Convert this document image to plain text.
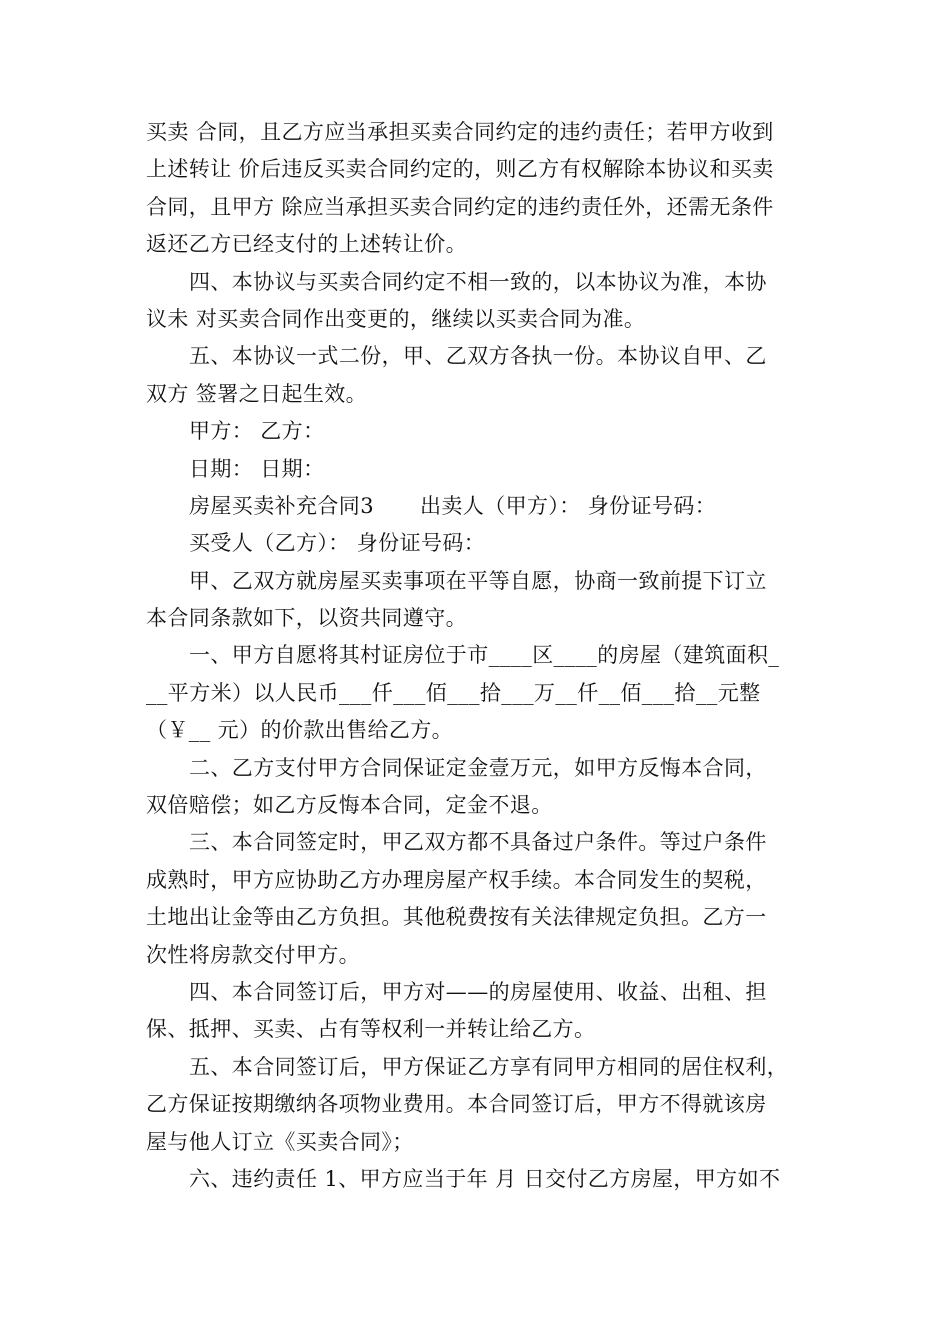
买卖 合同，且乙方应当承担买卖合同约定的违约责任；若甲方收到
上述转让 价后违反买卖合同约定的，则乙方有权解除本协议和买卖
合同，且甲方 除应当承担买卖合同约定的违约责任外，还需无条件
返还乙方已经支付的上述转让价。
四、本协议与买卖合同约定不相一致的，以本协议为准，本协
议未 对买卖合同作出变更的，继续以买卖合同为准。
五、本协议一式二份，甲、乙双方各执一份。本协议自甲、乙
双方 签署之日起生效。
甲方： 乙方：
日期： 日期：
房屋买卖补充合同3 出卖人（甲方）： 身份证号码：
买受人（乙方）： 身份证号码：
甲、乙双方就房屋买卖事项在平等自愿，协商一致前提下订立
本合同条款如下，以资共同遵守。
一、甲方自愿将其村证房位于市____区____的房屋（建筑面积_
__平方米）以人民币___仟___佰___拾___万__仟__佰___拾__元整
（￥__ 元）的价款出售给乙方。
二、乙方支付甲方合同保证定金壹万元，如甲方反悔本合同，
双倍赔偿；如乙方反悔本合同，定金不退。
三、本合同签定时，甲乙双方都不具备过户条件。等过户条件
成熟时，甲方应协助乙方办理房屋产权手续。本合同发生的契税，
土地出让金等由乙方负担。其他税费按有关法律规定负担。乙方一
次性将房款交付甲方。
四、本合同签订后，甲方对——的房屋使用、收益、出租、担
保、抵押、买卖、占有等权利一并转让给乙方。
五、本合同签订后，甲方保证乙方享有同甲方相同的居住权利，
乙方保证按期缴纳各项物业费用。本合同签订后，甲方不得就该房
屋与他人订立《买卖合同》；
六、违约责任 1、甲方应当于年 月 日交付乙方房屋，甲方如不
